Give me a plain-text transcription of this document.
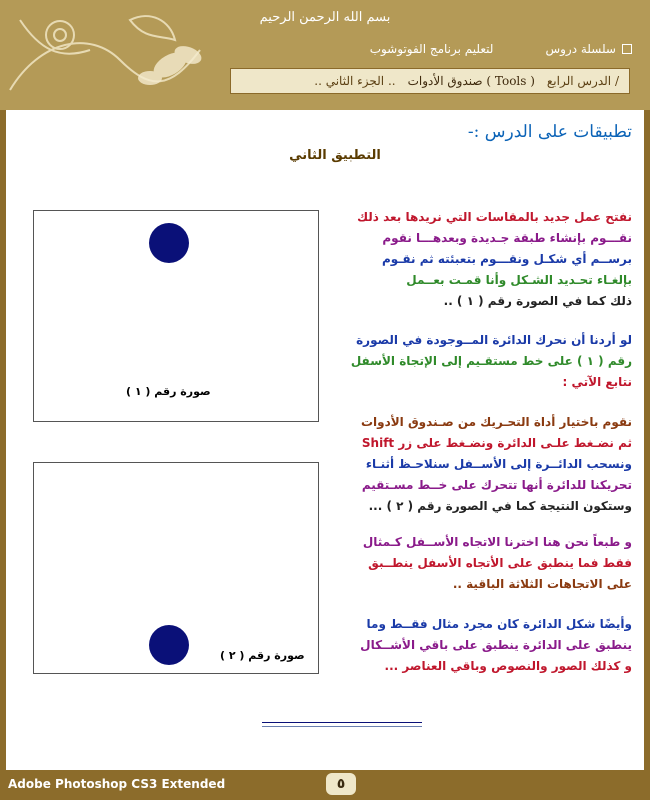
بسم الله الرحمن الرحيم
سلسلة دروس
لتعليم برنامج الفوتوشوب
.. الجزء الثاني .. صندوق الأدوات ( Tools ) الدرس الرابع /
تطبيقات على الدرس :-
التطبيق الثاني
صورة رقم ( ١ )
صورة رقم ( ٢ )
نفتح عمل جديد بالمقاسات التي نريدها بعد ذلك
نقـــوم بإنشاء طبقة جـديدة وبعدهـــا نقوم
برســم أي شكـل ونقـــوم بتعبئته ثم نقـوم
بإلغـاء تحـديد الشـكل وأنا قمـت بعــمل
ذلك كما في الصورة رقم ( ١ ) ..
لو أردنا أن نحرك الدائرة المــوجودة في الصورة
رقم ( ١ ) على خط مستقـيم إلى الإتجاة الأسفل
نتابع الآتي :
نقوم باختيار أداة التحـريك من صـندوق الأدوات
ثم نضـغط علـى الدائرة ونضـغط على زر Shift
ونسحب الدائــرة إلى الأســفل سنلاحـظ أثنـاء
تحريكنا للدائرة أنها تتحرك على خــط مسـتقيم
وستكون النتيجة كما في الصورة رقم ( ٢ ) ...
و طبعاً نحن هنا اخترنا الاتجاه الأســفل كـمثال
فقط فما ينطبق على الأتجاه الأسفل ينطــبق
على الاتجاهات الثلاثة الباقية ..
وأيضًا شكل الدائرة كان مجرد مثال فقــط وما
ينطبق على الدائرة ينطبق على باقي الأشــكال
و كذلك الصور والنصوص وباقي العناصر ...
Adobe Photoshop CS3 Extended	٥
